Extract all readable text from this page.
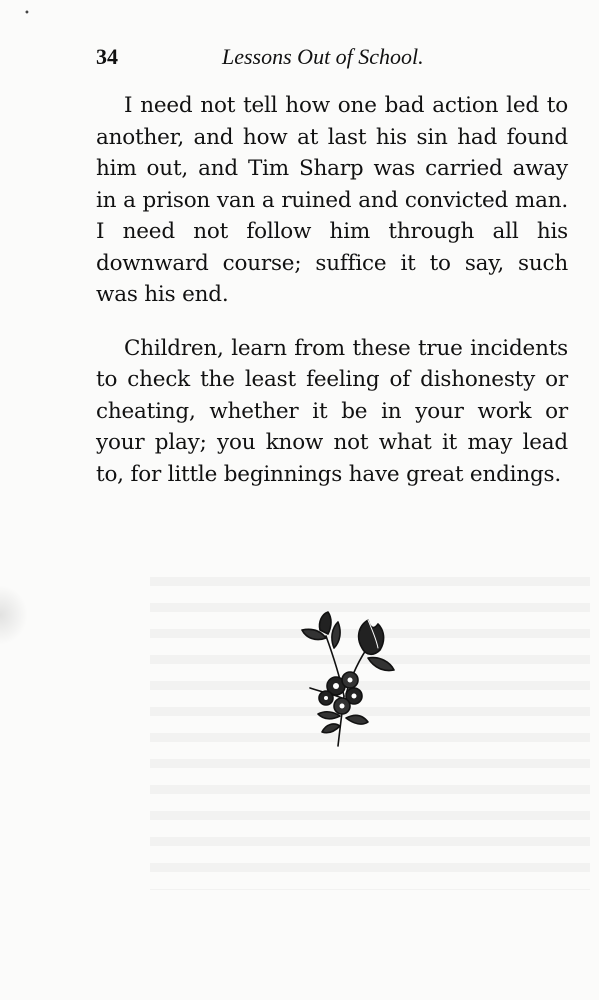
•
34	Lessons Out of School.

I need not tell how one bad action led to another, and how at last his sin had found him out, and Tim Sharp was carried away in a prison van a ruined and convicted man. I need not follow him through all his downward course; suffice it to say, such was his end.

Children, learn from these true incidents to check the least feeling of dishonesty or cheating, whether it be in your work or your play; you know not what it may lead to, for little beginnings have great endings.
